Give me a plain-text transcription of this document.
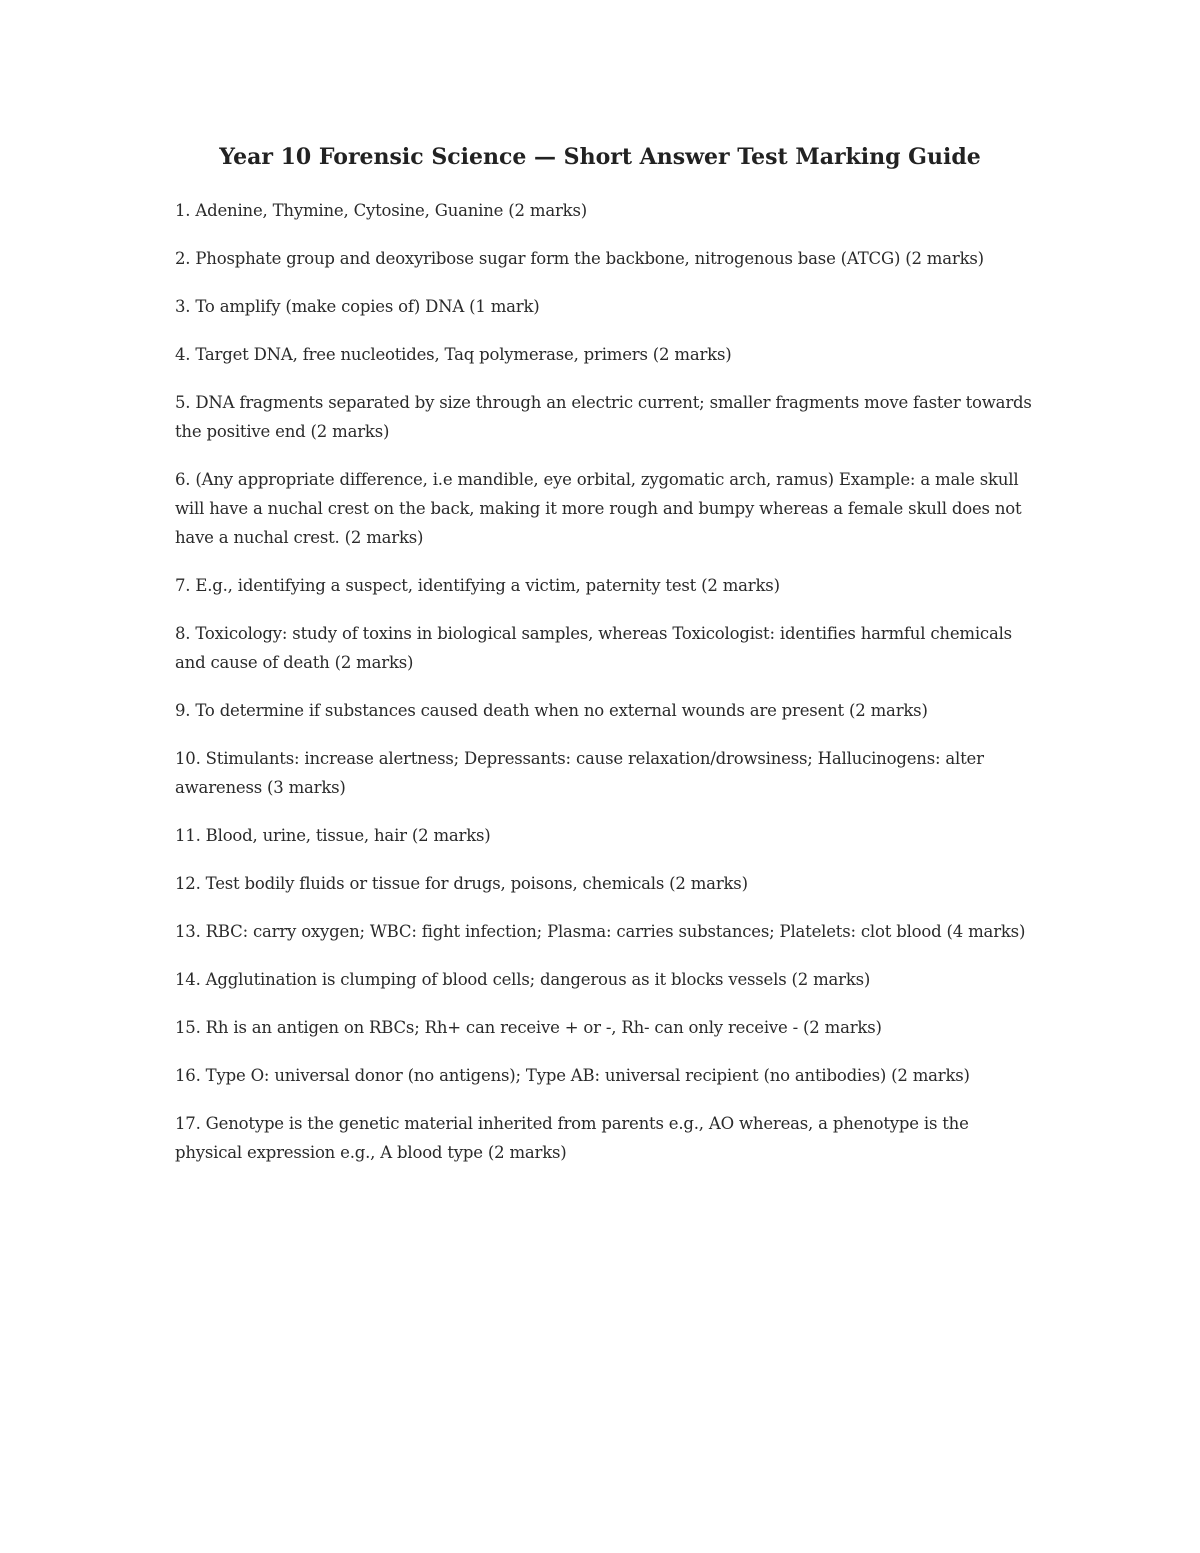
Year 10 Forensic Science — Short Answer Test Marking Guide
1. Adenine, Thymine, Cytosine, Guanine (2 marks)
2. Phosphate group and deoxyribose sugar form the backbone, nitrogenous base (ATCG) (2 marks)
3. To amplify (make copies of) DNA (1 mark)
4. Target DNA, free nucleotides, Taq polymerase, primers (2 marks)
5. DNA fragments separated by size through an electric current; smaller fragments move faster towards the positive end (2 marks)
6. (Any appropriate difference, i.e mandible, eye orbital, zygomatic arch, ramus) Example: a male skull will have a nuchal crest on the back, making it more rough and bumpy whereas a female skull does not have a nuchal crest. (2 marks)
7. E.g., identifying a suspect, identifying a victim, paternity test (2 marks)
8. Toxicology: study of toxins in biological samples, whereas Toxicologist: identifies harmful chemicals and cause of death (2 marks)
9. To determine if substances caused death when no external wounds are present (2 marks)
10. Stimulants: increase alertness; Depressants: cause relaxation/drowsiness; Hallucinogens: alter awareness (3 marks)
11. Blood, urine, tissue, hair (2 marks)
12. Test bodily fluids or tissue for drugs, poisons, chemicals (2 marks)
13. RBC: carry oxygen; WBC: fight infection; Plasma: carries substances; Platelets: clot blood (4 marks)
14. Agglutination is clumping of blood cells; dangerous as it blocks vessels (2 marks)
15. Rh is an antigen on RBCs; Rh+ can receive + or -, Rh- can only receive - (2 marks)
16. Type O: universal donor (no antigens); Type AB: universal recipient (no antibodies) (2 marks)
17. Genotype is the genetic material inherited from parents e.g., AO whereas, a phenotype is the physical expression e.g., A blood type (2 marks)
